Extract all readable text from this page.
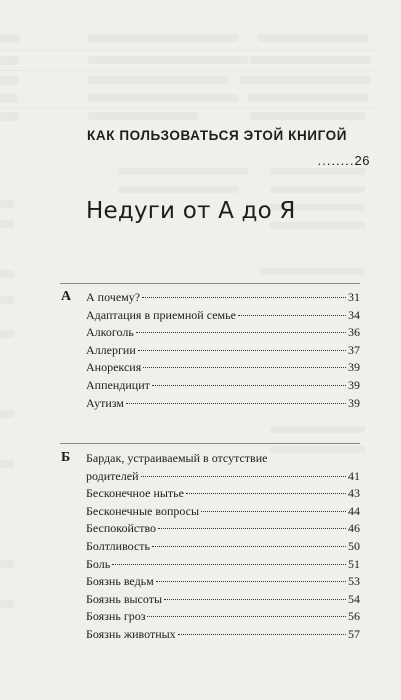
КАК ПОЛЬЗОВАТЬСЯ ЭТОЙ КНИГОЙ
........26
Недуги от А до Я
А А почему?	31
Адаптация в приемной семье	34
Алкоголь	36
Аллергии	37
Анорексия	39
Аппендицит	39
Аутизм	39
Б Бардак, устраиваемый в отсутствие
родителей	41
Бесконечное нытье	43
Бесконечные вопросы	44
Беспокойство	46
Болтливость	50
Боль	51
Боязнь ведьм	53
Боязнь высоты	54
Боязнь гроз	56
Боязнь животных	57
